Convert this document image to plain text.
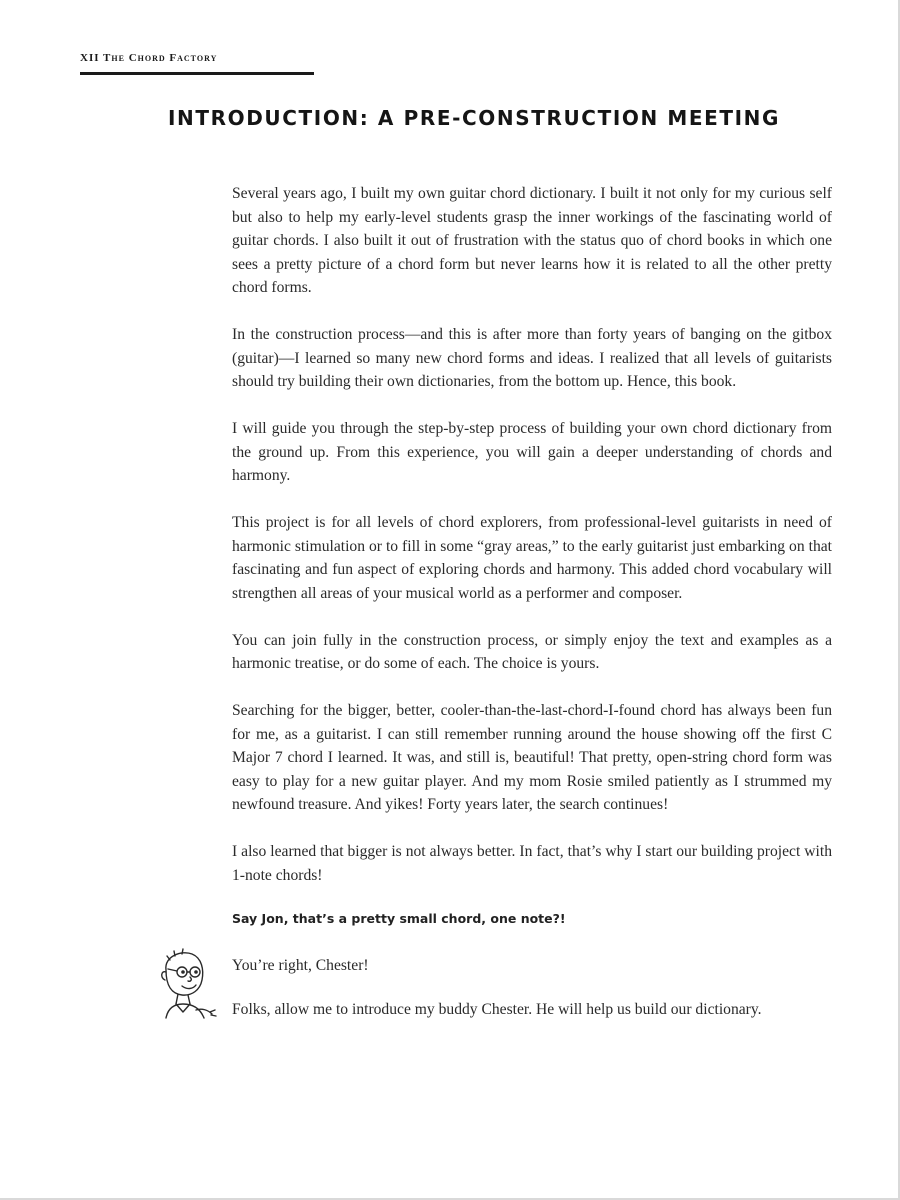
XII The Chord Factory
INTRODUCTION: A PRE-CONSTRUCTION MEETING

Several years ago, I built my own guitar chord dictionary. I built it not only for my curious self but also to help my early-level students grasp the inner workings of the fascinating world of guitar chords. I also built it out of frustration with the status quo of chord books in which one sees a pretty picture of a chord form but never learns how it is related to all the other pretty chord forms.

In the construction process—and this is after more than forty years of banging on the gitbox (guitar)—I learned so many new chord forms and ideas. I realized that all levels of guitarists should try building their own dictionaries, from the bottom up. Hence, this book.

I will guide you through the step-by-step process of building your own chord dictionary from the ground up. From this experience, you will gain a deeper understanding of chords and harmony.

This project is for all levels of chord explorers, from professional-level guitarists in need of harmonic stimulation or to fill in some “gray areas,” to the early guitarist just embarking on that fascinating and fun aspect of exploring chords and harmony. This added chord vocabulary will strengthen all areas of your musical world as a performer and composer.

You can join fully in the construction process, or simply enjoy the text and examples as a harmonic treatise, or do some of each. The choice is yours.

Searching for the bigger, better, cooler-than-the-last-chord-I-found chord has always been fun for me, as a guitarist. I can still remember running around the house showing off the first C Major 7 chord I learned. It was, and still is, beautiful! That pretty, open-string chord form was easy to play for a new guitar player. And my mom Rosie smiled patiently as I strummed my newfound treasure. And yikes! Forty years later, the search continues!

I also learned that bigger is not always better. In fact, that’s why I start our building project with 1-note chords!

Say Jon, that’s a pretty small chord, one note?!

You’re right, Chester!

Folks, allow me to introduce my buddy Chester. He will help us build our dictionary.
